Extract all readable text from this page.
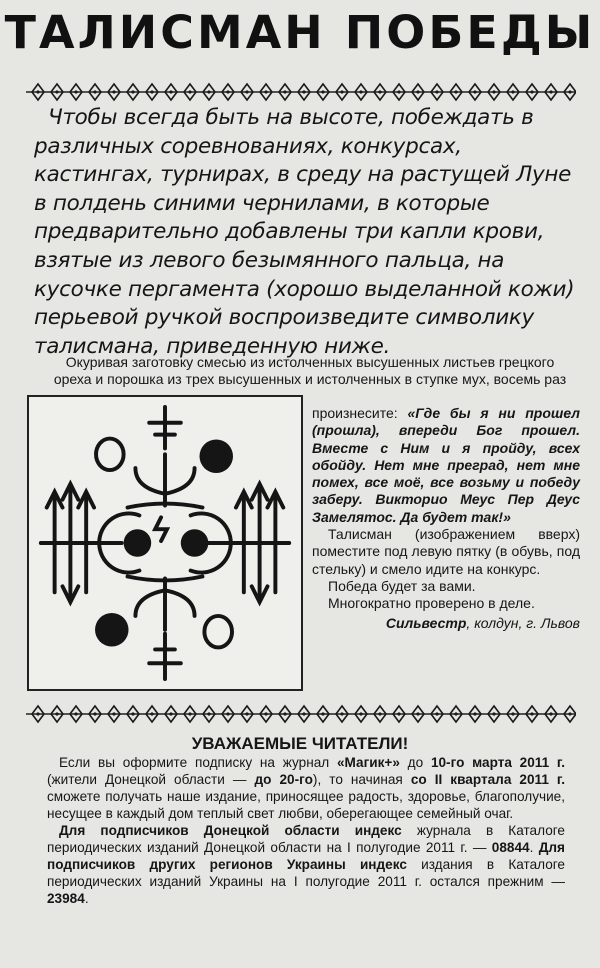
ТАЛИСМАН ПОБЕДЫ

Чтобы всегда быть на высоте, побеждать в различных соревнованиях, конкурсах, кастингах, турнирах, в среду на растущей Луне в полдень синими чернилами, в которые предварительно добавлены три капли крови, взятые из левого безымянного пальца, на кусочке пергамента (хорошо выделанной кожи) перьевой ручкой воспроизведите символику талисмана, приведенную ниже.

Окуривая заготовку смесью из истолченных высушенных листьев грецкого ореха и порошка из трех высушенных и истолченных в ступке мух, восемь раз

произнесите: «Где бы я ни прошел (прошла), впереди Бог прошел. Вместе с Ним и я пройду, всех обойду. Нет мне преград, нет мне помех, все моё, все возьму и победу заберу. Викторио Меус Пер Деус Замелятос. Да будет так!»

Талисман (изображением вверх) поместите под левую пятку (в обувь, под стельку) и смело идите на конкурс.

Победа будет за вами.

Многократно проверено в деле.

Сильвестр, колдун, г. Львов

УВАЖАЕМЫЕ ЧИТАТЕЛИ!

Если вы оформите подписку на журнал «Магик+» до 10-го марта 2011 г. (жители Донецкой области — до 20-го), то начиная со II квартала 2011 г. сможете получать наше издание, приносящее радость, здоровье, благополучие, несущее в каждый дом теплый свет любви, оберегающее семейный очаг.

Для подписчиков Донецкой области индекс журнала в Каталоге периодических изданий Донецкой области на I полугодие 2011 г. — 08844. Для подписчиков других регионов Украины индекс издания в Каталоге периодических изданий Украины на I полугодие 2011 г. остался прежним — 23984.
